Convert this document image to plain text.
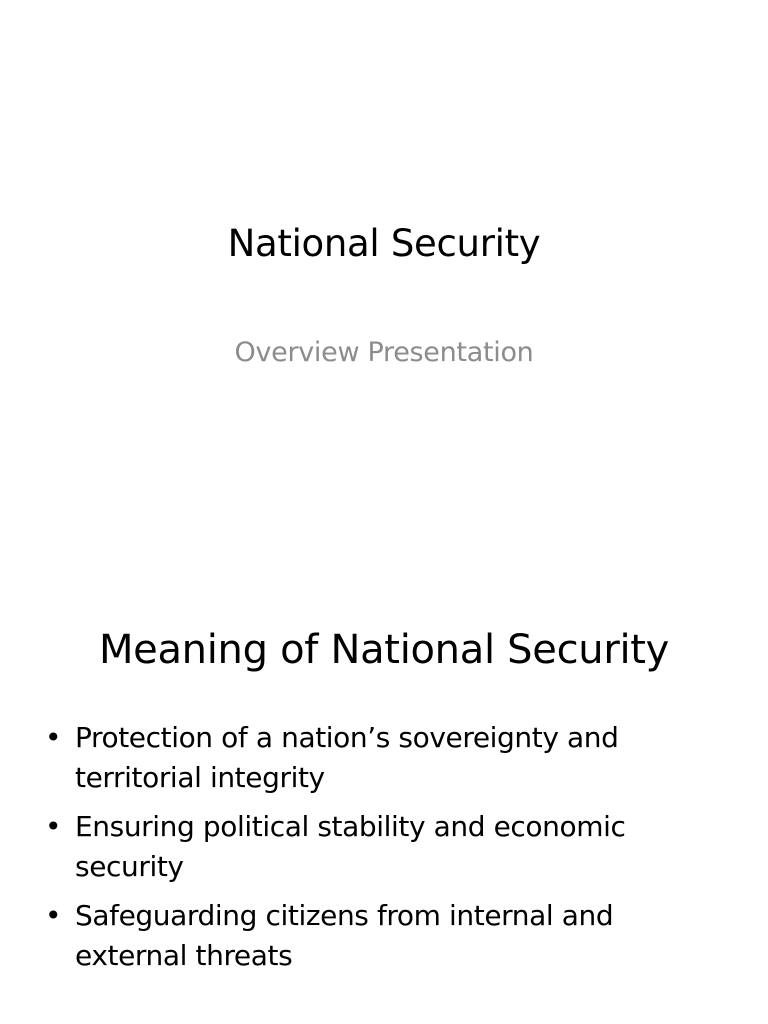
National Security
Overview Presentation
Meaning of National Security
• Protection of a nation’s sovereignty and territorial integrity
• Ensuring political stability and economic security
• Safeguarding citizens from internal and external threats
